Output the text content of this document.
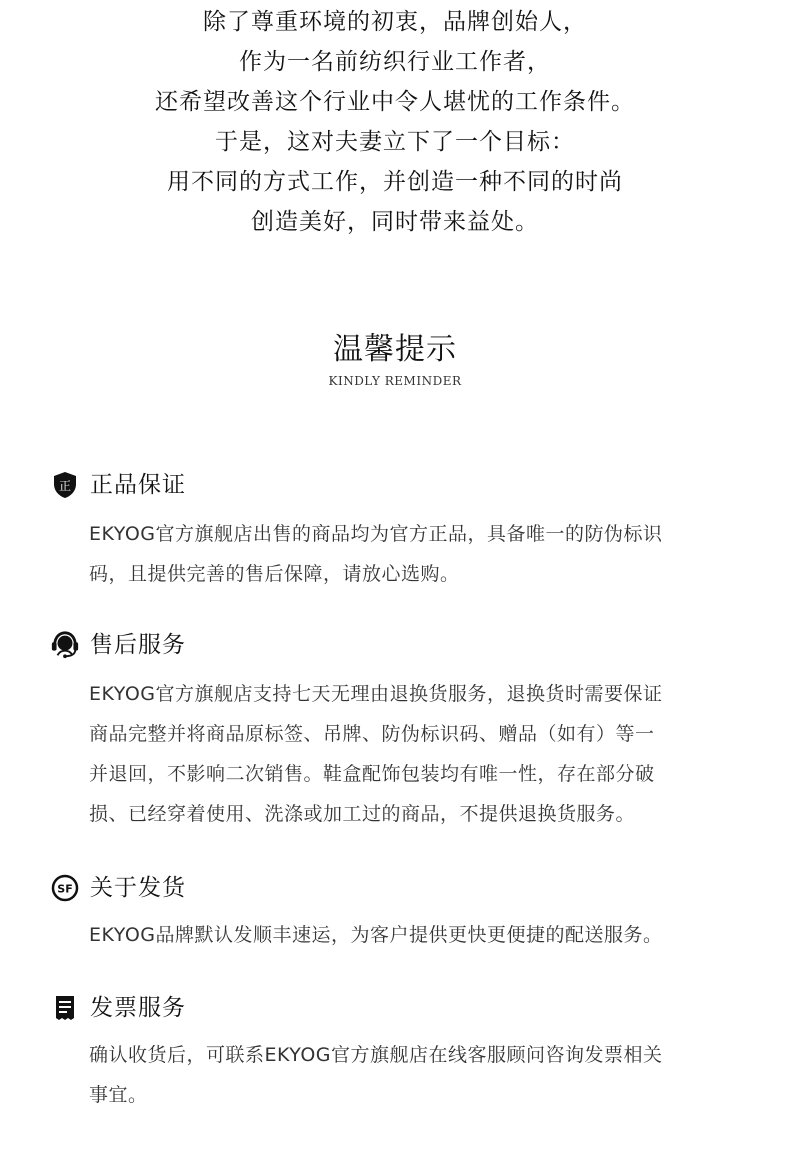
除了尊重环境的初衷，品牌创始人，
作为一名前纺织行业工作者，
还希望改善这个行业中令人堪忧的工作条件。
于是，这对夫妻立下了一个目标：
用不同的方式工作，并创造一种不同的时尚
创造美好，同时带来益处。
温馨提示
KINDLY REMINDER
正 正品保证
EKYOG官方旗舰店出售的商品均为官方正品，具备唯一的防伪标识
码，且提供完善的售后保障，请放心选购。
售后服务
EKYOG官方旗舰店支持七天无理由退换货服务，退换货时需要保证
商品完整并将商品原标签、吊牌、防伪标识码、赠品（如有）等一
并退回，不影响二次销售。鞋盒配饰包装均有唯一性，存在部分破
损、已经穿着使用、洗涤或加工过的商品，不提供退换货服务。
SF 关于发货
EKYOG品牌默认发顺丰速运，为客户提供更快更便捷的配送服务。
发票服务
确认收货后，可联系EKYOG官方旗舰店在线客服顾问咨询发票相关
事宜。
